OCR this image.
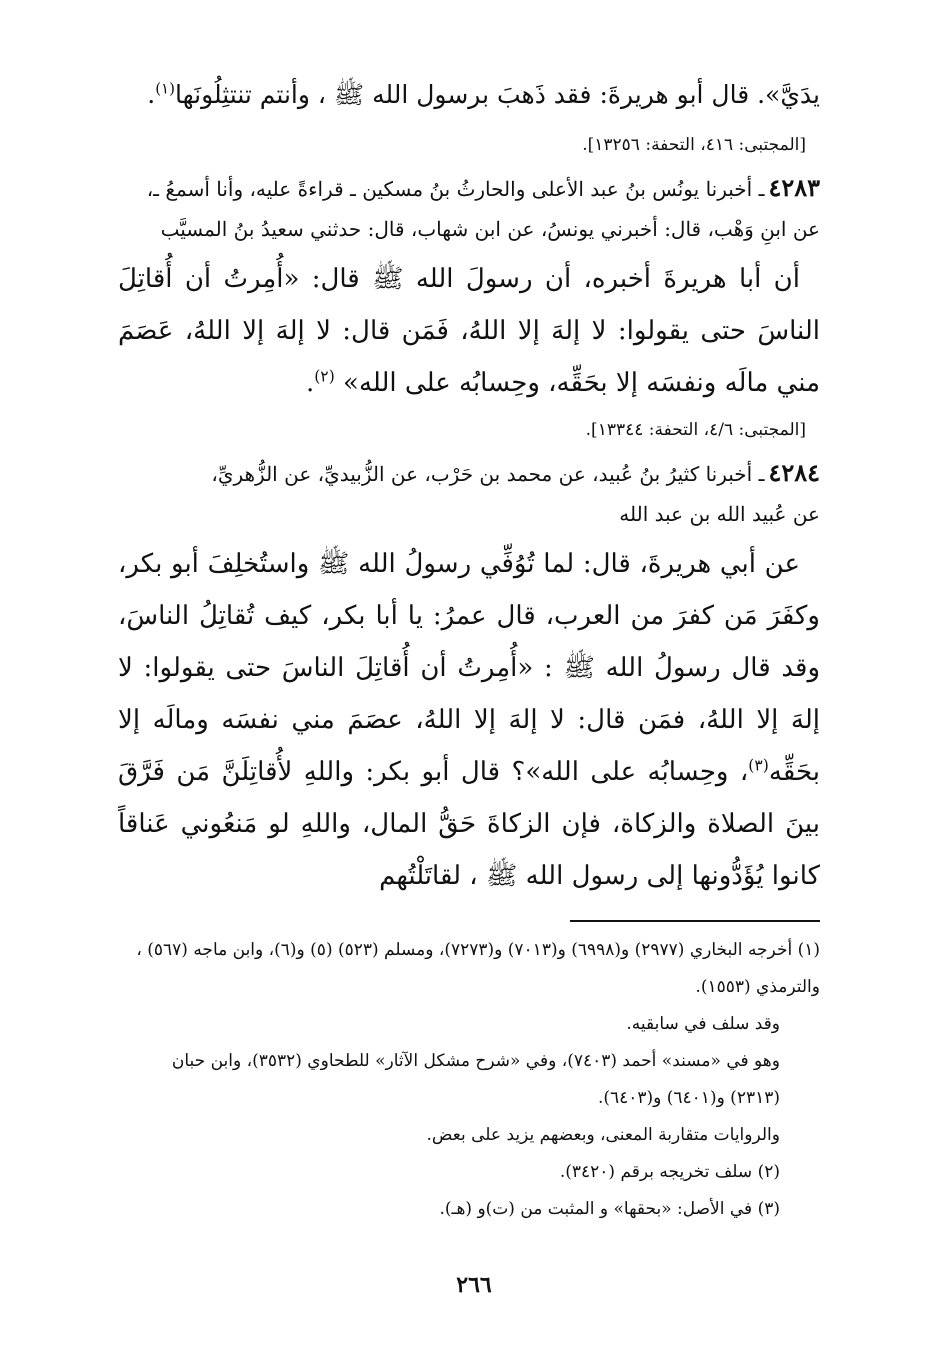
يدَيَّ». قال أبو هريرةَ: فقد ذَهبَ برسول الله ﷺ ، وأنتم تنتثِلُونَها$^{(١)}$.

[المجتبى: ٤١٦، التحفة: ١٣٢٥٦].

٤٢٨٣ـ أخبرنا يونُس بنُ عبد الأعلى والحارثُ بنُ مسكين ـ قراءةً عليه، وأنا أسمعُ ـ،

عن ابنِ وَهْب، قال: أخبرني يونسُ، عن ابن شهاب، قال: حدثني سعيدُ بنُ المسيَّب

أن أبا هريرةَ أخبره، أن رسولَ الله ﷺ قال: «أُمِرتُ أن أُقاتِلَ الناسَ حتى يقولوا: لا إلهَ إلا اللهُ، فَمَن قال: لا إلهَ إلا اللهُ، عَصَمَ مني مالَه ونفسَه إلا بحَقِّه، وحِسابُه على الله» $^{(٢)}$.

[المجتبى: ٤/٦، التحفة: ١٣٣٤٤].

٤٢٨٤ـ أخبرنا كثيرُ بنُ عُبيد، عن محمد بن حَرْب، عن الزُّبيديِّ، عن الزُّهريِّ،

عن عُبيد الله بن عبد الله

عن أبي هريرةَ، قال: لما تُوُفِّي رسولُ الله ﷺ واستُخلِفَ أبو بكر، وكفَرَ مَن كفرَ من العرب، قال عمرُ: يا أبا بكر، كيف تُقاتِلُ الناسَ، وقد قال رسولُ الله ﷺ : «أُمِرتُ أن أُقاتِلَ الناسَ حتى يقولوا: لا إلهَ إلا اللهُ، فمَن قال: لا إلهَ إلا اللهُ، عصَمَ مني نفسَه ومالَه إلا بحَقِّه$^{(٣)}$، وحِسابُه على الله»؟ قال أبو بكر: واللهِ لأُقاتِلَنَّ مَن فَرَّقَ بينَ الصلاة والزكاة، فإن الزكاةَ حَقُّ المال، واللهِ لو مَنعُوني عَناقاً كانوا يُؤَدُّونها إلى رسول الله ﷺ ، لقاتَلْتُهم

(١) أخرجه البخاري (٢٩٧٧) و(٦٩٩٨) و(٧٠١٣) و(٧٢٧٣)، ومسلم (٥٢٣) (٥) و(٦)، وابن ماجه (٥٦٧) ، والترمذي (١٥٥٣).

وقد سلف في سابقيه.

وهو في «مسند» أحمد (٧٤٠٣)، وفي «شرح مشكل الآثار» للطحاوي (٣٥٣٢)، وابن حبان (٢٣١٣) و(٦٤٠١) و(٦٤٠٣).

والروايات متقاربة المعنى، وبعضهم يزيد على بعض.

(٢) سلف تخريجه برقم (٣٤٢٠).

(٣) في الأصل: «بحقها» و المثبت من (ت)و (هـ).

٢٦٦
